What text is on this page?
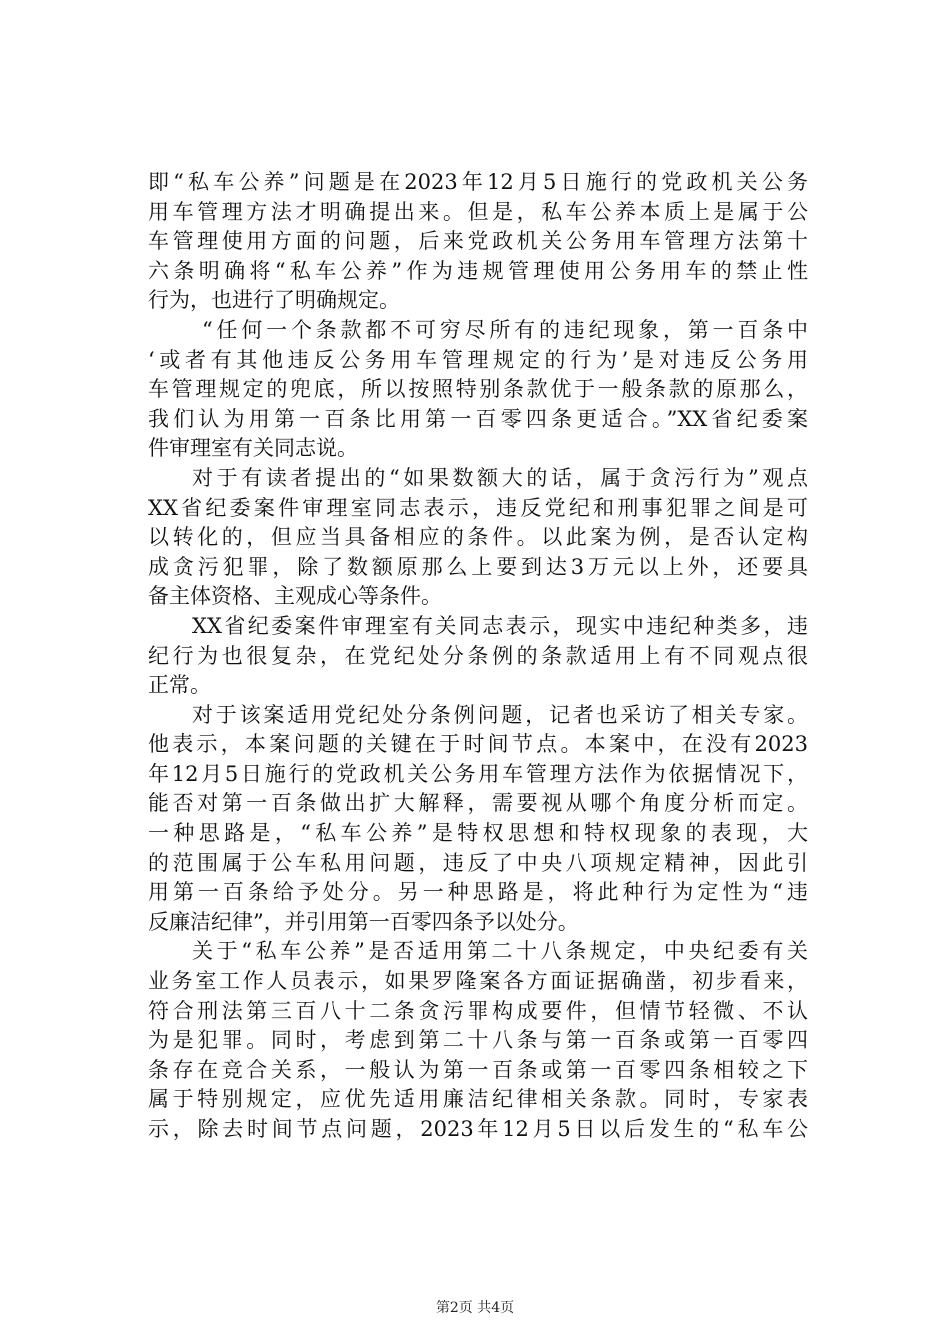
即“私车公养”问题是在2023年12月5日施行的党政机关公务
用车管理方法才明确提出来。但是，私车公养本质上是属于公
车管理使用方面的问题，后来党政机关公务用车管理方法第十
六条明确将“私车公养”作为违规管理使用公务用车的禁止性
行为，也进行了明确规定。
“任何一个条款都不可穷尽所有的违纪现象，第一百条中
‘或者有其他违反公务用车管理规定的行为’是对违反公务用
车管理规定的兜底，所以按照特别条款优于一般条款的原那么，
我们认为用第一百条比用第一百零四条更适合。”XX省纪委案
件审理室有关同志说。
对于有读者提出的“如果数额大的话，属于贪污行为”观点
XX省纪委案件审理室同志表示，违反党纪和刑事犯罪之间是可
以转化的，但应当具备相应的条件。以此案为例，是否认定构
成贪污犯罪，除了数额原那么上要到达3万元以上外，还要具
备主体资格、主观成心等条件。
XX省纪委案件审理室有关同志表示，现实中违纪种类多，违
纪行为也很复杂，在党纪处分条例的条款适用上有不同观点很
正常。
对于该案适用党纪处分条例问题，记者也采访了相关专家。
他表示，本案问题的关键在于时间节点。本案中，在没有2023
年12月5日施行的党政机关公务用车管理方法作为依据情况下，
能否对第一百条做出扩大解释，需要视从哪个角度分析而定。
一种思路是，“私车公养”是特权思想和特权现象的表现，大
的范围属于公车私用问题，违反了中央八项规定精神，因此引
用第一百条给予处分。另一种思路是，将此种行为定性为“违
反廉洁纪律”，并引用第一百零四条予以处分。
关于“私车公养”是否适用第二十八条规定，中央纪委有关
业务室工作人员表示，如果罗隆案各方面证据确凿，初步看来，
符合刑法第三百八十二条贪污罪构成要件，但情节轻微、不认
为是犯罪。同时，考虑到第二十八条与第一百条或第一百零四
条存在竞合关系，一般认为第一百条或第一百零四条相较之下
属于特别规定，应优先适用廉洁纪律相关条款。同时，专家表
示，除去时间节点问题，2023年12月5日以后发生的“私车公
第2页 共4页
